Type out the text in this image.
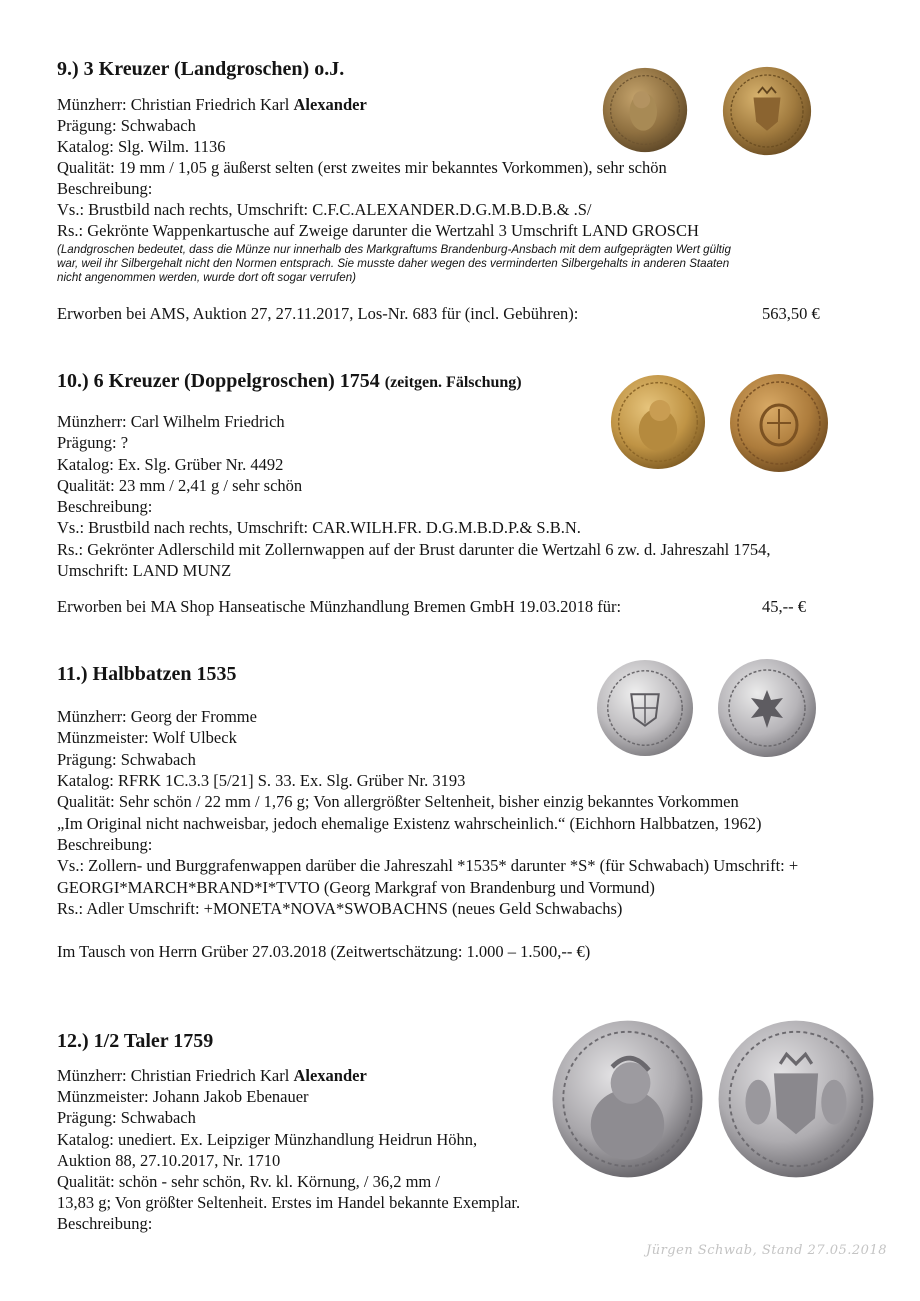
9.) 3 Kreuzer (Landgroschen) o.J.
Münzherr: Christian Friedrich Karl Alexander
Prägung: Schwabach
Katalog: Slg. Wilm. 1136
Qualität: 19 mm / 1,05 g äußerst selten (erst zweites mir bekanntes Vorkommen), sehr schön
Beschreibung:
Vs.: Brustbild nach rechts, Umschrift: C.F.C.ALEXANDER.D.G.M.B.D.B.& .S/
Rs.: Gekrönte Wappenkartusche auf Zweige darunter die Wertzahl 3 Umschrift LAND GROSCH
(Landgroschen bedeutet, dass die Münze nur innerhalb des Markgraftums Brandenburg-Ansbach mit dem aufgeprägten Wert gültig
war, weil ihr Silbergehalt nicht den Normen entsprach. Sie musste daher wegen des verminderten Silbergehalts in anderen Staaten
nicht angenommen werden, wurde dort oft sogar verrufen)
Erworben bei AMS, Auktion 27, 27.11.2017, Los-Nr. 683 für (incl. Gebühren):	563,50 €
10.) 6 Kreuzer (Doppelgroschen) 1754 (zeitgen. Fälschung)
Münzherr: Carl Wilhelm Friedrich
Prägung: ?
Katalog: Ex. Slg. Grüber Nr. 4492
Qualität: 23 mm / 2,41 g / sehr schön
Beschreibung:
Vs.: Brustbild nach rechts, Umschrift: CAR.WILH.FR. D.G.M.B.D.P.& S.B.N.
Rs.: Gekrönter Adlerschild mit Zollernwappen auf der Brust darunter die Wertzahl 6 zw. d. Jahreszahl 1754,
Umschrift: LAND MUNZ
Erworben bei MA Shop Hanseatische Münzhandlung Bremen GmbH 19.03.2018 für:	45,-- €
11.) Halbbatzen 1535
Münzherr: Georg der Fromme
Münzmeister: Wolf Ulbeck
Prägung: Schwabach
Katalog: RFRK 1C.3.3 [5/21] S. 33. Ex. Slg. Grüber Nr. 3193
Qualität: Sehr schön / 22 mm / 1,76 g; Von allergrößter Seltenheit, bisher einzig bekanntes Vorkommen
„Im Original nicht nachweisbar, jedoch ehemalige Existenz wahrscheinlich.“ (Eichhorn Halbbatzen, 1962)
Beschreibung:
Vs.: Zollern- und Burggrafenwappen darüber die Jahreszahl *1535* darunter *S* (für Schwabach) Umschrift: +
GEORGI*MARCH*BRAND*I*TVTO (Georg Markgraf von Brandenburg und Vormund)
Rs.: Adler Umschrift: +MONETA*NOVA*SWOBACHNS (neues Geld Schwabachs)
Im Tausch von Herrn Grüber 27.03.2018 (Zeitwertschätzung: 1.000 – 1.500,-- €)
12.) 1/2 Taler 1759
Münzherr: Christian Friedrich Karl Alexander
Münzmeister: Johann Jakob Ebenauer
Prägung: Schwabach
Katalog: unediert. Ex. Leipziger Münzhandlung Heidrun Höhn,
Auktion 88, 27.10.2017, Nr. 1710
Qualität: schön - sehr schön, Rv. kl. Körnung, / 36,2 mm /
13,83 g; Von größter Seltenheit. Erstes im Handel bekannte Exemplar.
Beschreibung:
Jürgen Schwab, Stand 27.05.2018
